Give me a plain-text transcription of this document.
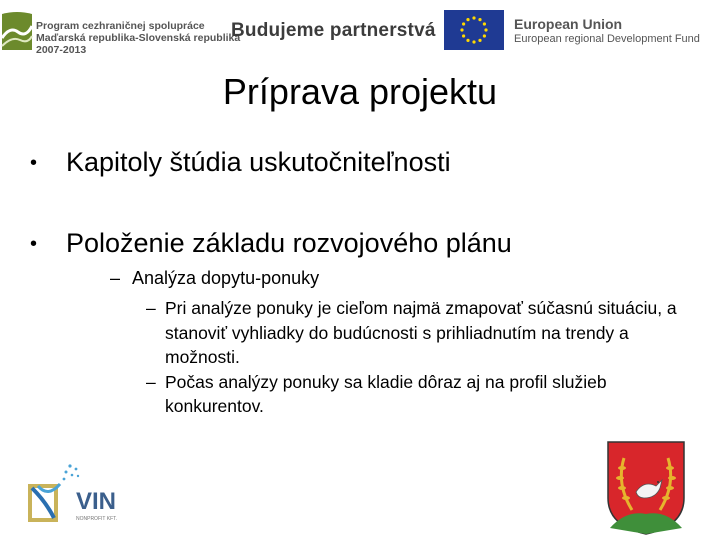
Program cezhraničnej spolupráce
Maďarská republika-Slovenská republika
2007-2013
Budujeme partnerstvá	European Union
European regional Development Fund
Príprava projektu
• Kapitoly štúdia uskutočniteľnosti
• Položenie základu rozvojového plánu
– Analýza dopytu-ponuky
– Pri analýze ponuky je cieľom najmä zmapovať súčasnú situáciu, a stanoviť vyhliadky do budúcnosti s prihliadnutím na trendy a možnosti.
– Počas analýzy ponuky sa kladie dôraz aj na profil služieb konkurentov.
VIN
NONPROFIT KFT.
